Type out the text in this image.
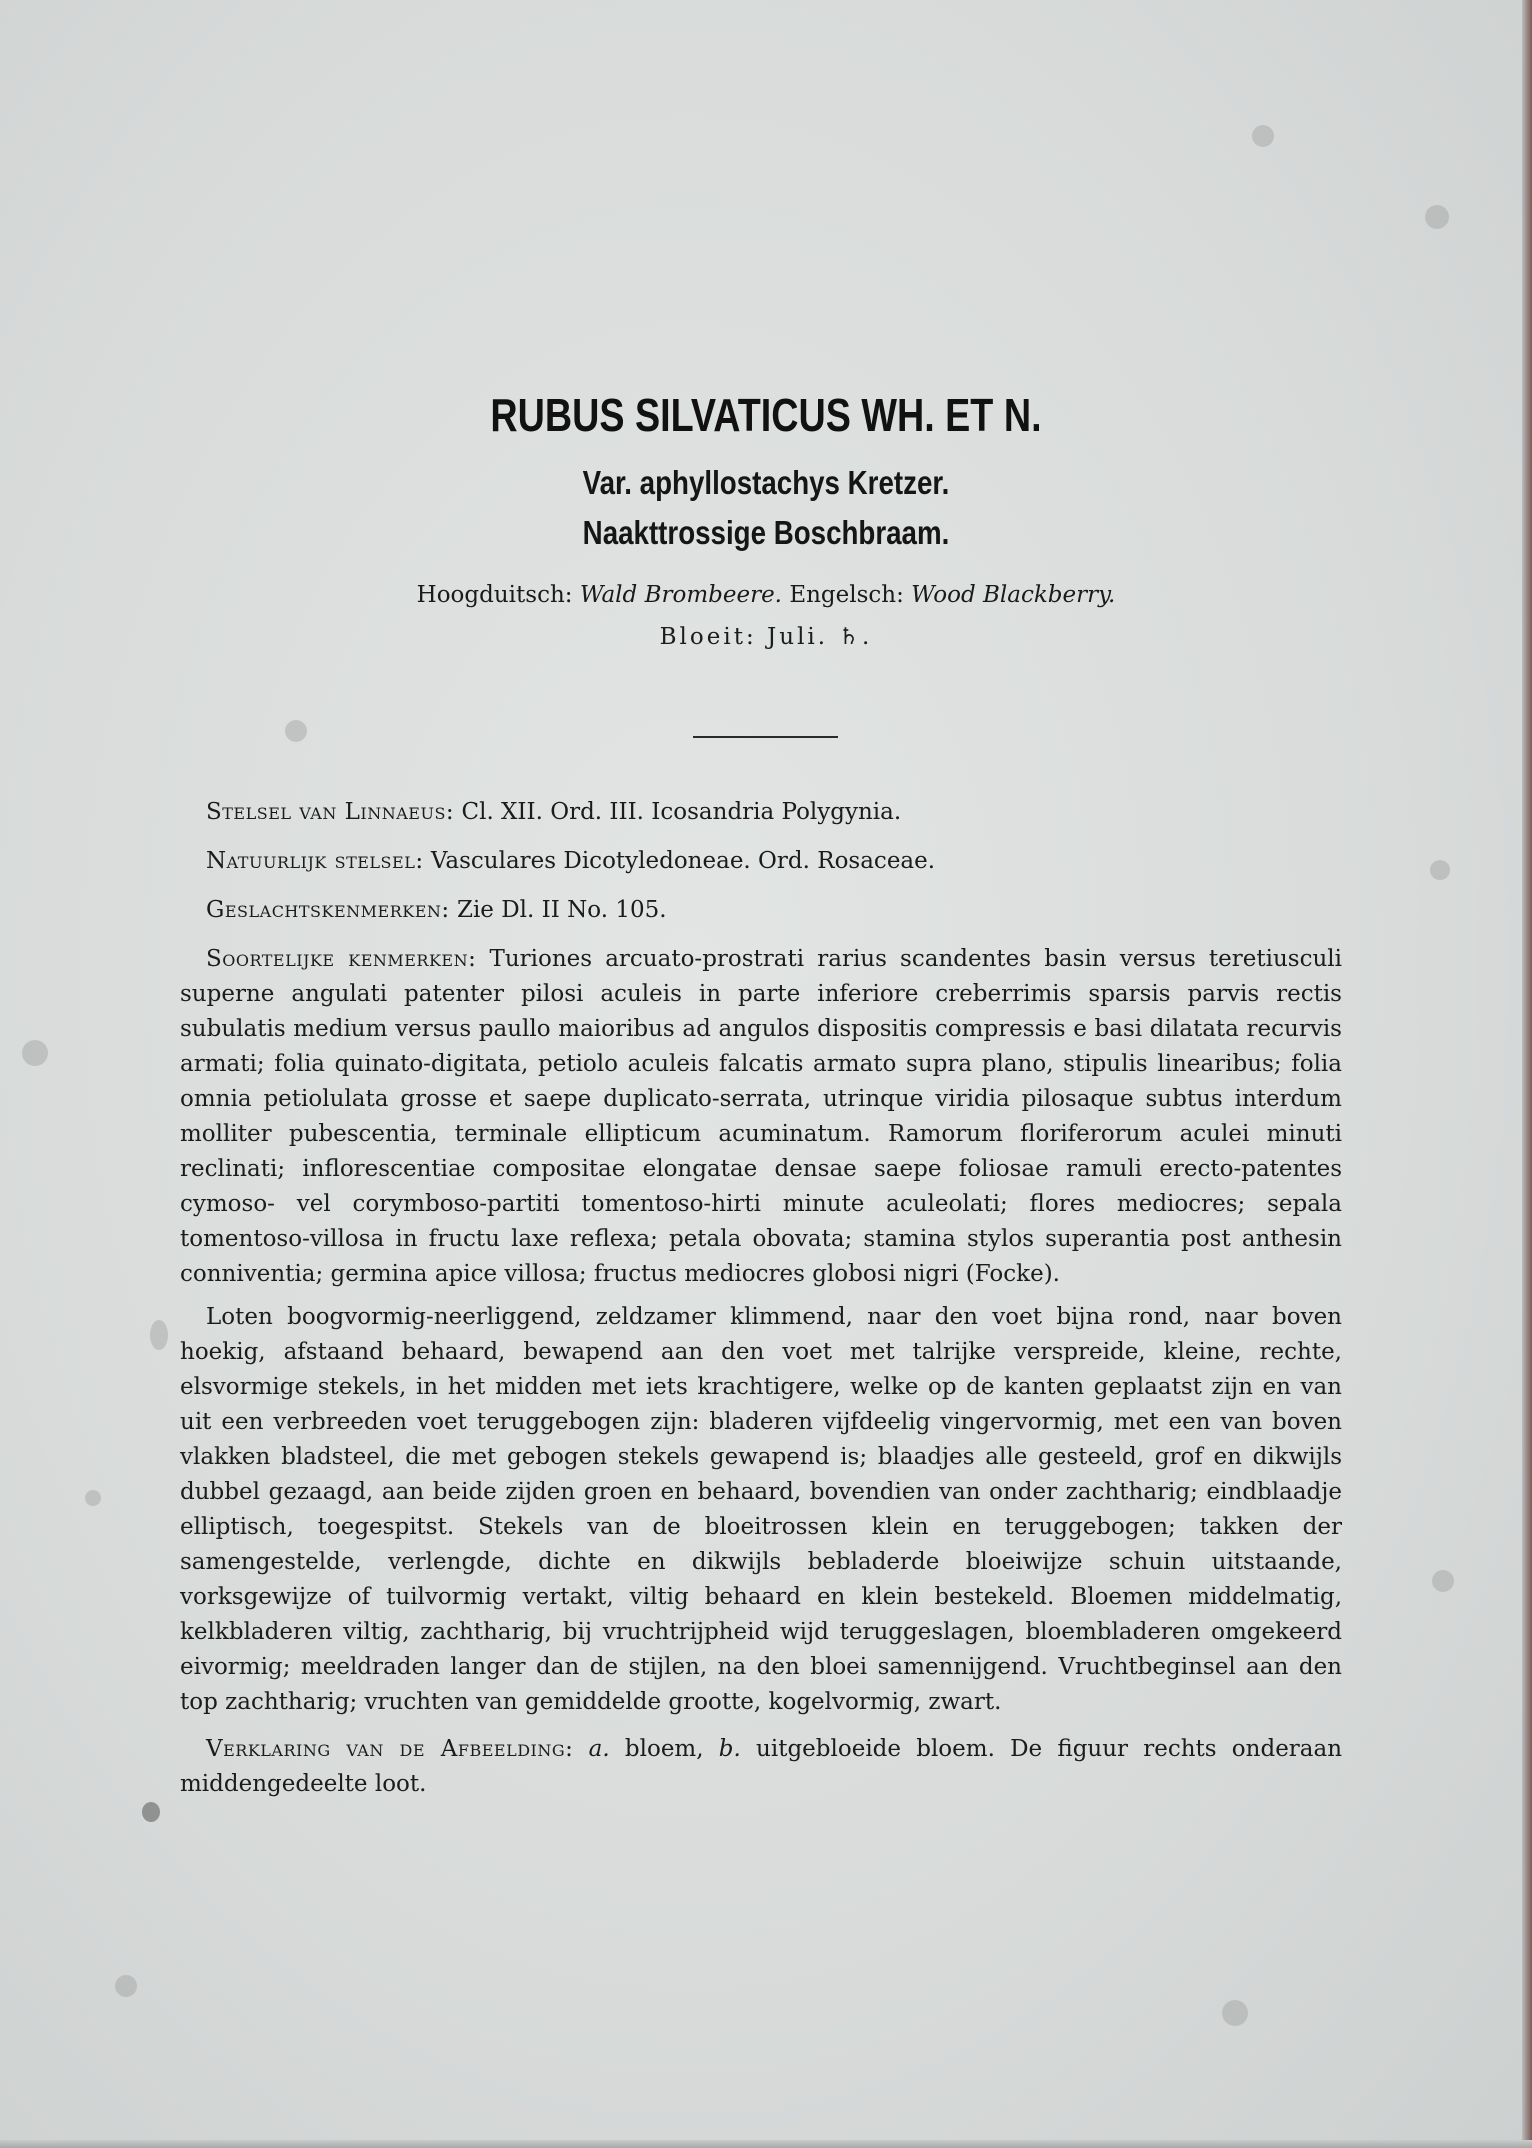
RUBUS SILVATICUS WH. ET N.
Var. aphyllostachys Kretzer.
Naakttrossige Boschbraam.
Hoogduitsch: Wald Brombeere. Engelsch: Wood Blackberry.
Bloeit: Juli. ♄.
Stelsel van Linnaeus: Cl. XII. Ord. III. Icosandria Polygynia.
Natuurlijk stelsel: Vasculares Dicotyledoneae. Ord. Rosaceae.
Geslachtskenmerken: Zie Dl. II No. 105.

Soortelijke kenmerken: Turiones arcuato-prostrati rarius scandentes basin versus teretiusculi superne angulati patenter pilosi aculeis in parte inferiore creberrimis sparsis parvis rectis subulatis medium versus paullo maioribus ad angulos dispositis compressis e basi dilatata recurvis armati; folia quinato-digitata, petiolo aculeis falcatis armato supra plano, stipulis linearibus; folia omnia petiolulata grosse et saepe duplicato-serrata, utrinque viridia pilosaque subtus interdum molliter pubescentia, terminale ellipticum acuminatum. Ramorum floriferorum aculei minuti reclinati; inflorescentiae compositae elongatae densae saepe foliosae ramuli erecto-patentes cymoso- vel corymboso-partiti tomentoso-hirti minute aculeolati; flores mediocres; sepala tomentoso-villosa in fructu laxe reflexa; petala obovata; stamina stylos superantia post anthesin conniventia; germina apice villosa; fructus mediocres globosi nigri (Focke).

Loten boogvormig-neerliggend, zeldzamer klimmend, naar den voet bijna rond, naar boven hoekig, afstaand behaard, bewapend aan den voet met talrijke verspreide, kleine, rechte, elsvormige stekels, in het midden met iets krachtigere, welke op de kanten geplaatst zijn en van uit een verbreeden voet teruggebogen zijn: bladeren vijfdeelig vingervormig, met een van boven vlakken bladsteel, die met gebogen stekels gewapend is; blaadjes alle gesteeld, grof en dikwijls dubbel gezaagd, aan beide zijden groen en behaard, bovendien van onder zachtharig; eindblaadje elliptisch, toegespitst. Stekels van de bloeitrossen klein en teruggebogen; takken der samengestelde, verlengde, dichte en dikwijls bebladerde bloeiwijze schuin uitstaande, vorksgewijze of tuilvormig vertakt, viltig behaard en klein bestekeld. Bloemen middelmatig, kelkbladeren viltig, zachtharig, bij vruchtrijpheid wijd teruggeslagen, bloembladeren omgekeerd eivormig; meeldraden langer dan de stijlen, na den bloei samennijgend. Vruchtbeginsel aan den top zachtharig; vruchten van gemiddelde grootte, kogelvormig, zwart.

Verklaring van de Afbeelding: a. bloem, b. uitgebloeide bloem. De figuur rechts onderaan middengedeelte loot.
